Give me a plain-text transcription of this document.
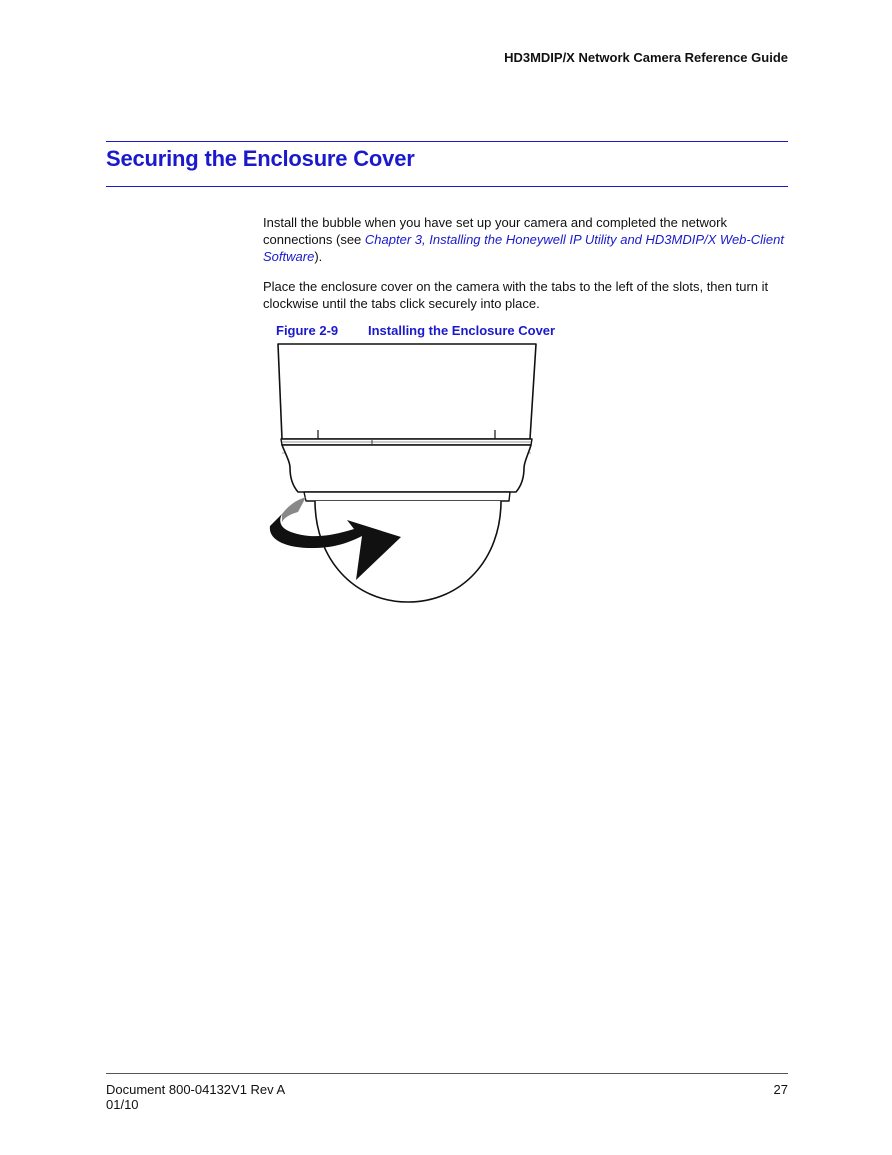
HD3MDIP/X Network Camera Reference Guide
Securing the Enclosure Cover

Install the bubble when you have set up your camera and completed the network connections (see Chapter 3, Installing the Honeywell IP Utility and HD3MDIP/X Web-Client Software).

Place the enclosure cover on the camera with the tabs to the left of the slots, then turn it clockwise until the tabs click securely into place.

Figure 2-9 Installing the Enclosure Cover
Document 800-04132V1 Rev A
01/10
27
